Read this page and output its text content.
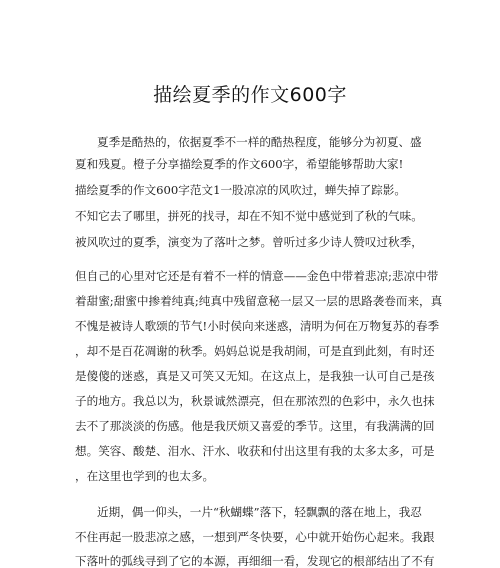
描绘夏季的作文600字
夏季是酷热的，依据夏季不一样的酷热程度，能够分为初夏、盛
夏和残夏。橙子分享描绘夏季的作文600字，希望能够帮助大家!
描绘夏季的作文600字范文1一股凉凉的风吹过，蝉失掉了踪影。
不知它去了哪里，拼死的找寻，却在不知不觉中感觉到了秋的气味。
被风吹过的夏季，演变为了落叶之梦。曾听过多少诗人赞叹过秋季，
但自己的心里对它还是有着不一样的情意——金色中带着悲凉;悲凉中带
着甜蜜;甜蜜中掺着纯真;纯真中残留意秘一层又一层的思路袭卷而来，真
不愧是被诗人歌颂的节气!小时侯向来迷惑，清明为何在万物复苏的春季
，却不是百花凋谢的秋季。妈妈总说是我胡闹，可是直到此刻，有时还
是傻傻的迷惑，真是又可笑又无知。在这点上，是我独一认可自己是孩
子的地方。我总以为，秋景诚然漂亮，但在那浓烈的色彩中，永久也抹
去不了那淡淡的伤感。他是我厌烦又喜爱的季节。这里，有我满满的回
想。笑容、酸楚、泪水、汗水、收获和付出这里有我的太多太多，可是
，在这里也学到的也太多。
近期，偶一仰头，一片“秋蝴蝶”落下，轻飘飘的落在地上，我忍
不住再起一股悲凉之感，一想到严冬快要，心中就开始伤心起来。我跟
下落叶的弧线寻到了它的本源，再细细一看，发现它的根部结出了不有
